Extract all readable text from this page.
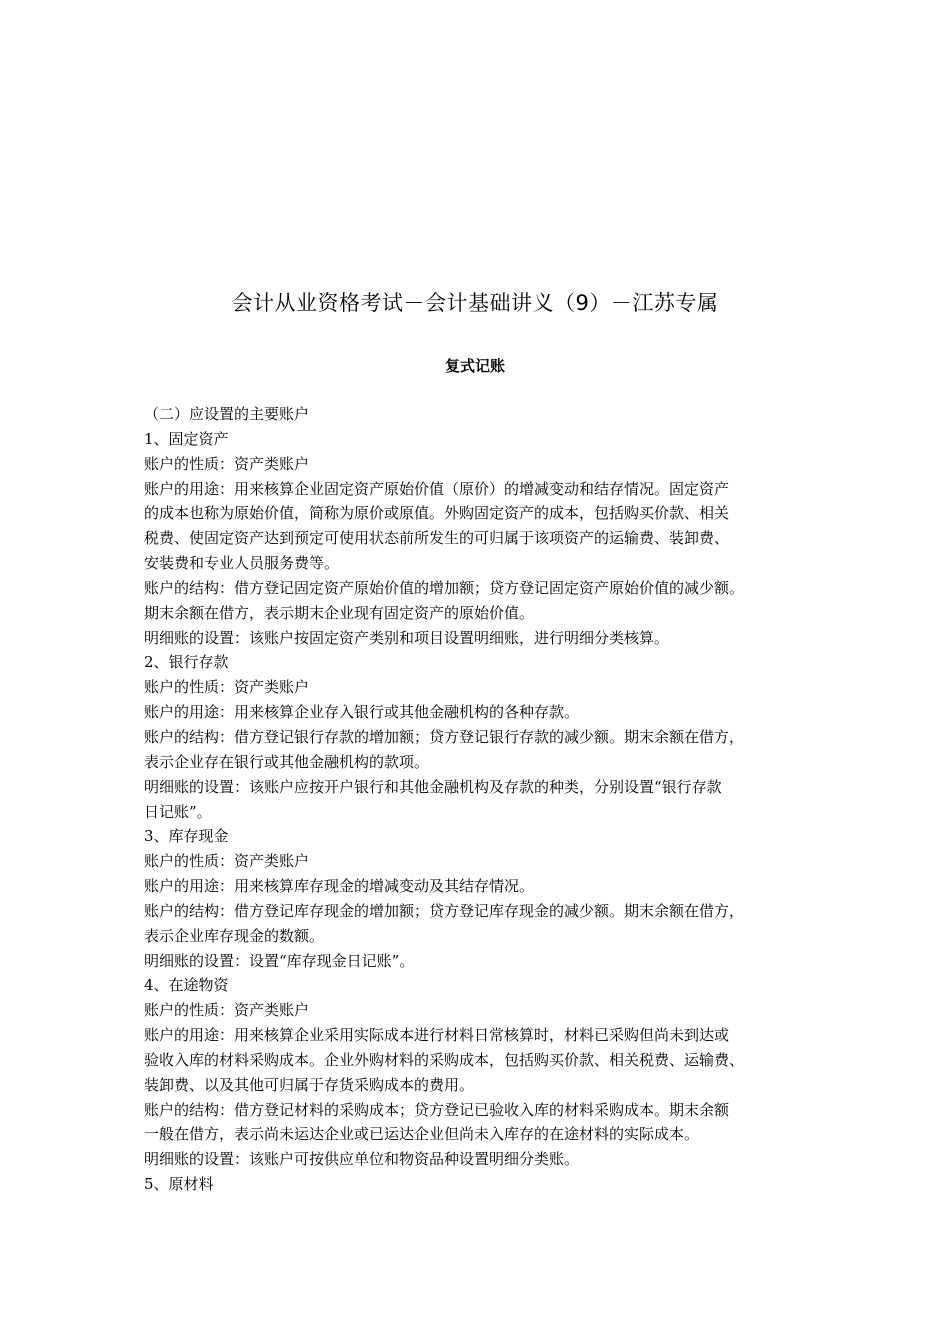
会计从业资格考试－会计基础讲义（9）－江苏专属
复式记账

（二）应设置的主要账户

1、固定资产

账户的性质：资产类账户

账户的用途：用来核算企业固定资产原始价值（原价）的增减变动和结存情况。固定资产

的成本也称为原始价值，简称为原价或原值。外购固定资产的成本，包括购买价款、相关

税费、使固定资产达到预定可使用状态前所发生的可归属于该项资产的运输费、装卸费、

安装费和专业人员服务费等。

账户的结构：借方登记固定资产原始价值的增加额；贷方登记固定资产原始价值的减少额。

期末余额在借方，表示期末企业现有固定资产的原始价值。

明细账的设置：该账户按固定资产类别和项目设置明细账，进行明细分类核算。

2、银行存款

账户的性质：资产类账户

账户的用途：用来核算企业存入银行或其他金融机构的各种存款。

账户的结构：借方登记银行存款的增加额；贷方登记银行存款的减少额。期末余额在借方，

表示企业存在银行或其他金融机构的款项。

明细账的设置：该账户应按开户银行和其他金融机构及存款的种类，分别设置“银行存款

日记账”。

3、库存现金

账户的性质：资产类账户

账户的用途：用来核算库存现金的增减变动及其结存情况。

账户的结构：借方登记库存现金的增加额；贷方登记库存现金的减少额。期末余额在借方，

表示企业库存现金的数额。

明细账的设置：设置“库存现金日记账”。

4、在途物资

账户的性质：资产类账户

账户的用途：用来核算企业采用实际成本进行材料日常核算时，材料已采购但尚未到达或

验收入库的材料采购成本。企业外购材料的采购成本，包括购买价款、相关税费、运输费、

装卸费、以及其他可归属于存货采购成本的费用。

账户的结构：借方登记材料的采购成本；贷方登记已验收入库的材料采购成本。期末余额

一般在借方，表示尚未运达企业或已运达企业但尚未入库存的在途材料的实际成本。

明细账的设置：该账户可按供应单位和物资品种设置明细分类账。

5、原材料
